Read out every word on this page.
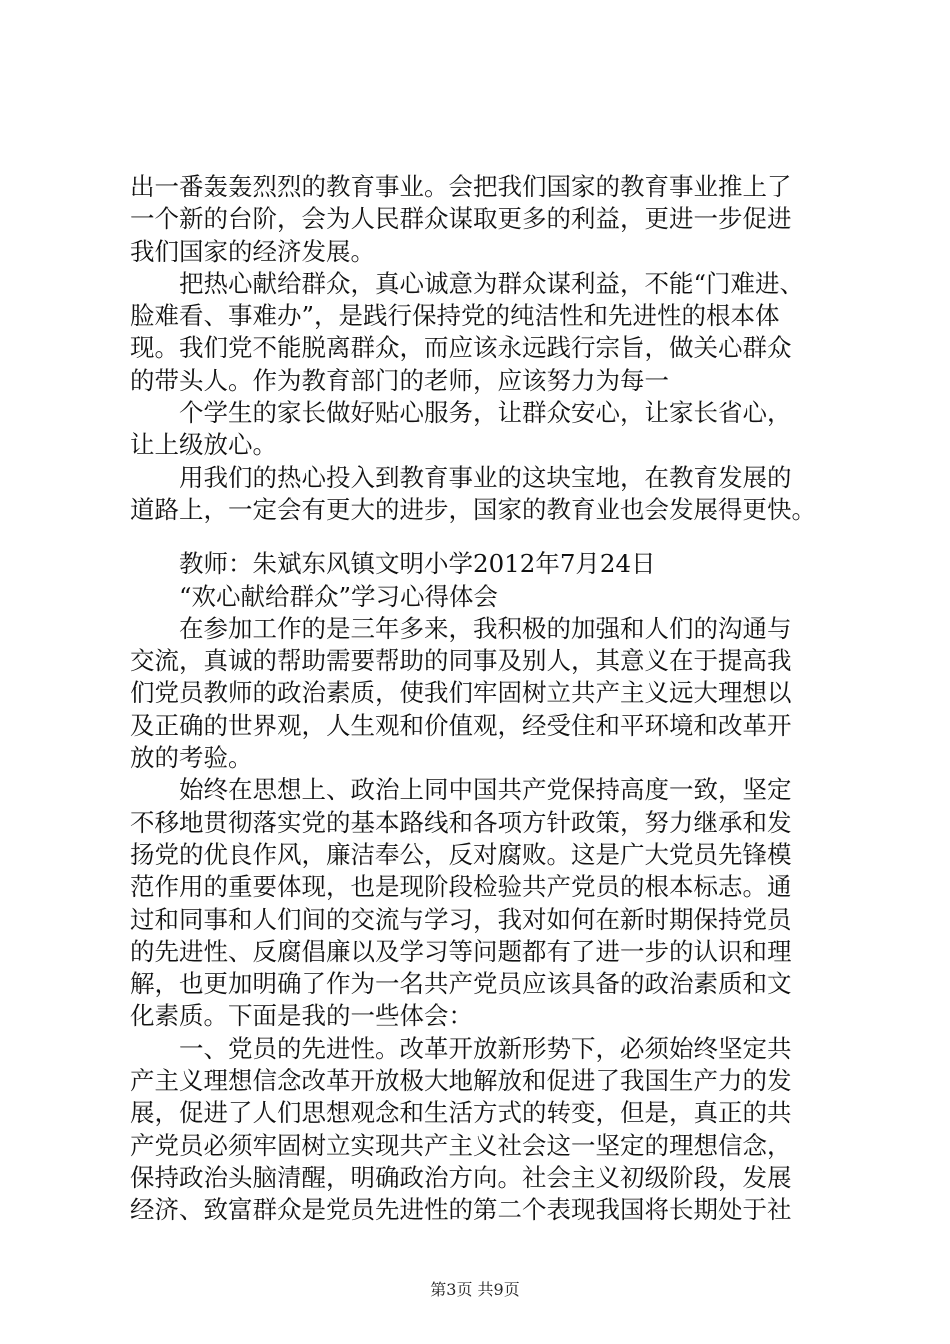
出一番轰轰烈烈的教育事业。会把我们国家的教育事业推上了
一个新的台阶，会为人民群众谋取更多的利益，更进一步促进
我们国家的经济发展。
　　把热心献给群众，真心诚意为群众谋利益，不能“门难进、
脸难看、事难办”，是践行保持党的纯洁性和先进性的根本体
现。我们党不能脱离群众，而应该永远践行宗旨，做关心群众
的带头人。作为教育部门的老师，应该努力为每一
　　个学生的家长做好贴心服务，让群众安心，让家长省心，
让上级放心。
　　用我们的热心投入到教育事业的这块宝地，在教育发展的
道路上，一定会有更大的进步，国家的教育业也会发展得更快。
　　教师：朱斌东风镇文明小学2012年7月24日
　　“欢心献给群众”学习心得体会
　　在参加工作的是三年多来，我积极的加强和人们的沟通与
交流，真诚的帮助需要帮助的同事及别人，其意义在于提高我
们党员教师的政治素质，使我们牢固树立共产主义远大理想以
及正确的世界观，人生观和价值观，经受住和平环境和改革开
放的考验。
　　始终在思想上、政治上同中国共产党保持高度一致，坚定
不移地贯彻落实党的基本路线和各项方针政策，努力继承和发
扬党的优良作风，廉洁奉公，反对腐败。这是广大党员先锋模
范作用的重要体现，也是现阶段检验共产党员的根本标志。通
过和同事和人们间的交流与学习，我对如何在新时期保持党员
的先进性、反腐倡廉以及学习等问题都有了进一步的认识和理
解，也更加明确了作为一名共产党员应该具备的政治素质和文
化素质。下面是我的一些体会：
　　一、党员的先进性。改革开放新形势下，必须始终坚定共
产主义理想信念改革开放极大地解放和促进了我国生产力的发
展，促进了人们思想观念和生活方式的转变，但是，真正的共
产党员必须牢固树立实现共产主义社会这一坚定的理想信念，
保持政治头脑清醒，明确政治方向。社会主义初级阶段，发展
经济、致富群众是党员先进性的第二个表现我国将长期处于社
第3页 共9页
